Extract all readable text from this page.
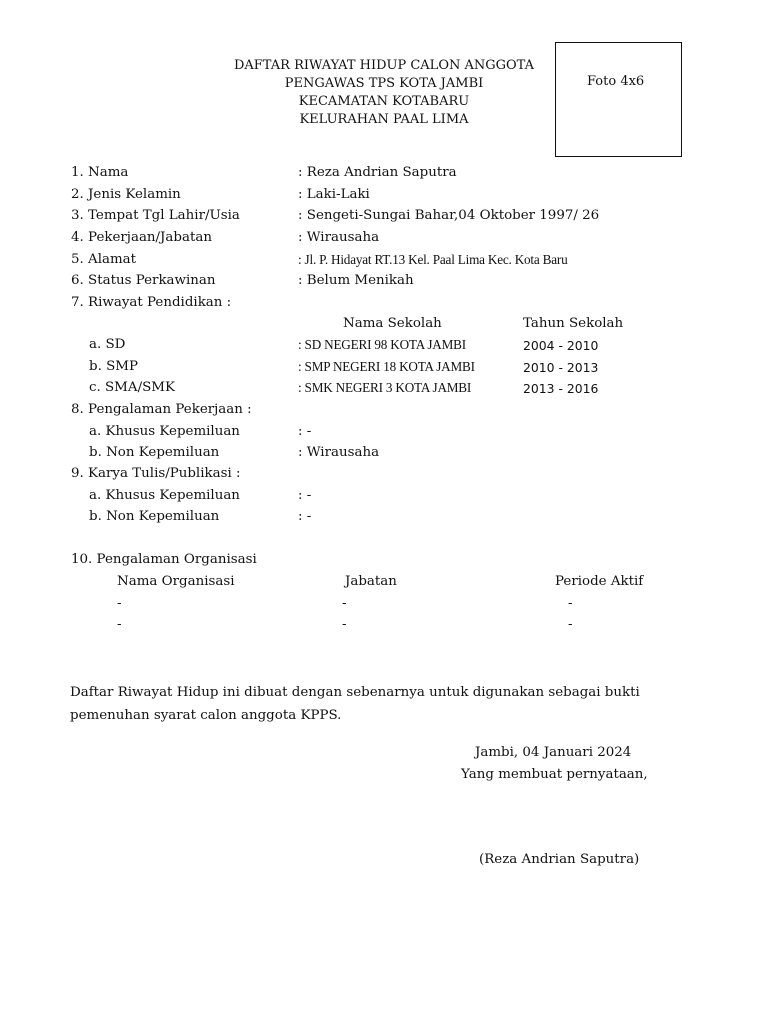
DAFTAR RIWAYAT HIDUP CALON ANGGOTA
PENGAWAS TPS KOTA JAMBI
KECAMATAN KOTABARU
KELURAHAN PAAL LIMA
Foto 4x6
1. Nama	: Reza Andrian Saputra
2. Jenis Kelamin	: Laki-Laki
3. Tempat Tgl Lahir/Usia	: Sengeti-Sungai Bahar,04 Oktober 1997/ 26
4. Pekerjaan/Jabatan	: Wirausaha
5. Alamat	: Jl. P. Hidayat RT.13 Kel. Paal Lima Kec. Kota Baru
6. Status Perkawinan	: Belum Menikah
7. Riwayat Pendidikan :
Nama Sekolah	Tahun Sekolah
a. SD	: SD NEGERI 98 KOTA JAMBI	2004 - 2010
b. SMP	: SMP NEGERI 18 KOTA JAMBI	2010 - 2013
c. SMA/SMK	: SMK NEGERI 3 KOTA JAMBI	2013 - 2016
8. Pengalaman Pekerjaan :
a. Khusus Kepemiluan	: -
b. Non Kepemiluan	: Wirausaha
9. Karya Tulis/Publikasi :
a. Khusus Kepemiluan	: -
b. Non Kepemiluan	: -
10. Pengalaman Organisasi
Nama Organisasi	Jabatan	Periode Aktif
-	-	-
-	-	-
Daftar Riwayat Hidup ini dibuat dengan sebenarnya untuk digunakan sebagai bukti
pemenuhan syarat calon anggota KPPS.
Jambi, 04 Januari 2024
Yang membuat pernyataan,
(Reza Andrian Saputra)
